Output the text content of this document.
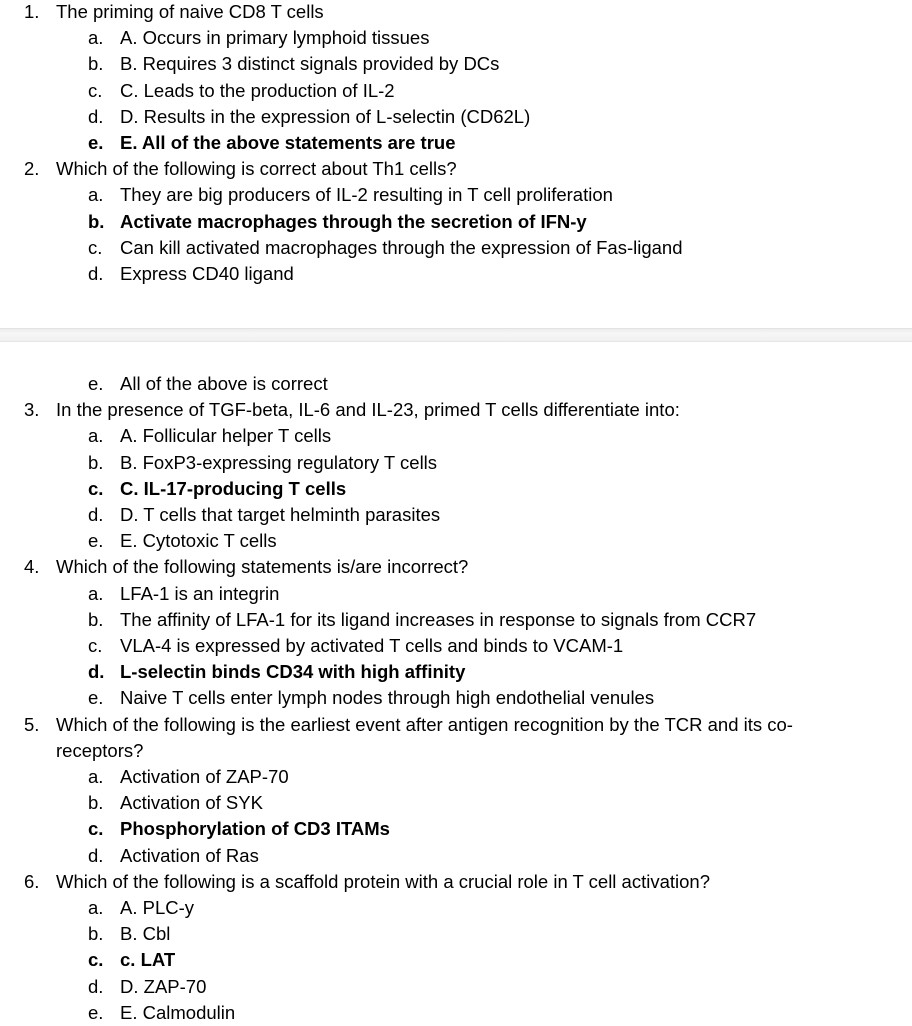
1. The priming of naive CD8 T cells
a. A. Occurs in primary lymphoid tissues
b. B. Requires 3 distinct signals provided by DCs
c. C. Leads to the production of IL-2
d. D. Results in the expression of L-selectin (CD62L)
e. E. All of the above statements are true
2. Which of the following is correct about Th1 cells?
a. They are big producers of IL-2 resulting in T cell proliferation
b. Activate macrophages through the secretion of IFN-y
c. Can kill activated macrophages through the expression of Fas-ligand
d. Express CD40 ligand
e. All of the above is correct
3. In the presence of TGF-beta, IL-6 and IL-23, primed T cells differentiate into:
a. A. Follicular helper T cells
b. B. FoxP3-expressing regulatory T cells
c. C. IL-17-producing T cells
d. D. T cells that target helminth parasites
e. E. Cytotoxic T cells
4. Which of the following statements is/are incorrect?
a. LFA-1 is an integrin
b. The affinity of LFA-1 for its ligand increases in response to signals from CCR7
c. VLA-4 is expressed by activated T cells and binds to VCAM-1
d. L-selectin binds CD34 with high affinity
e. Naive T cells enter lymph nodes through high endothelial venules
5. Which of the following is the earliest event after antigen recognition by the TCR and its co-
receptors?
a. Activation of ZAP-70
b. Activation of SYK
c. Phosphorylation of CD3 ITAMs
d. Activation of Ras
6. Which of the following is a scaffold protein with a crucial role in T cell activation?
a. A. PLC-y
b. B. Cbl
c. c. LAT
d. D. ZAP-70
e. E. Calmodulin
